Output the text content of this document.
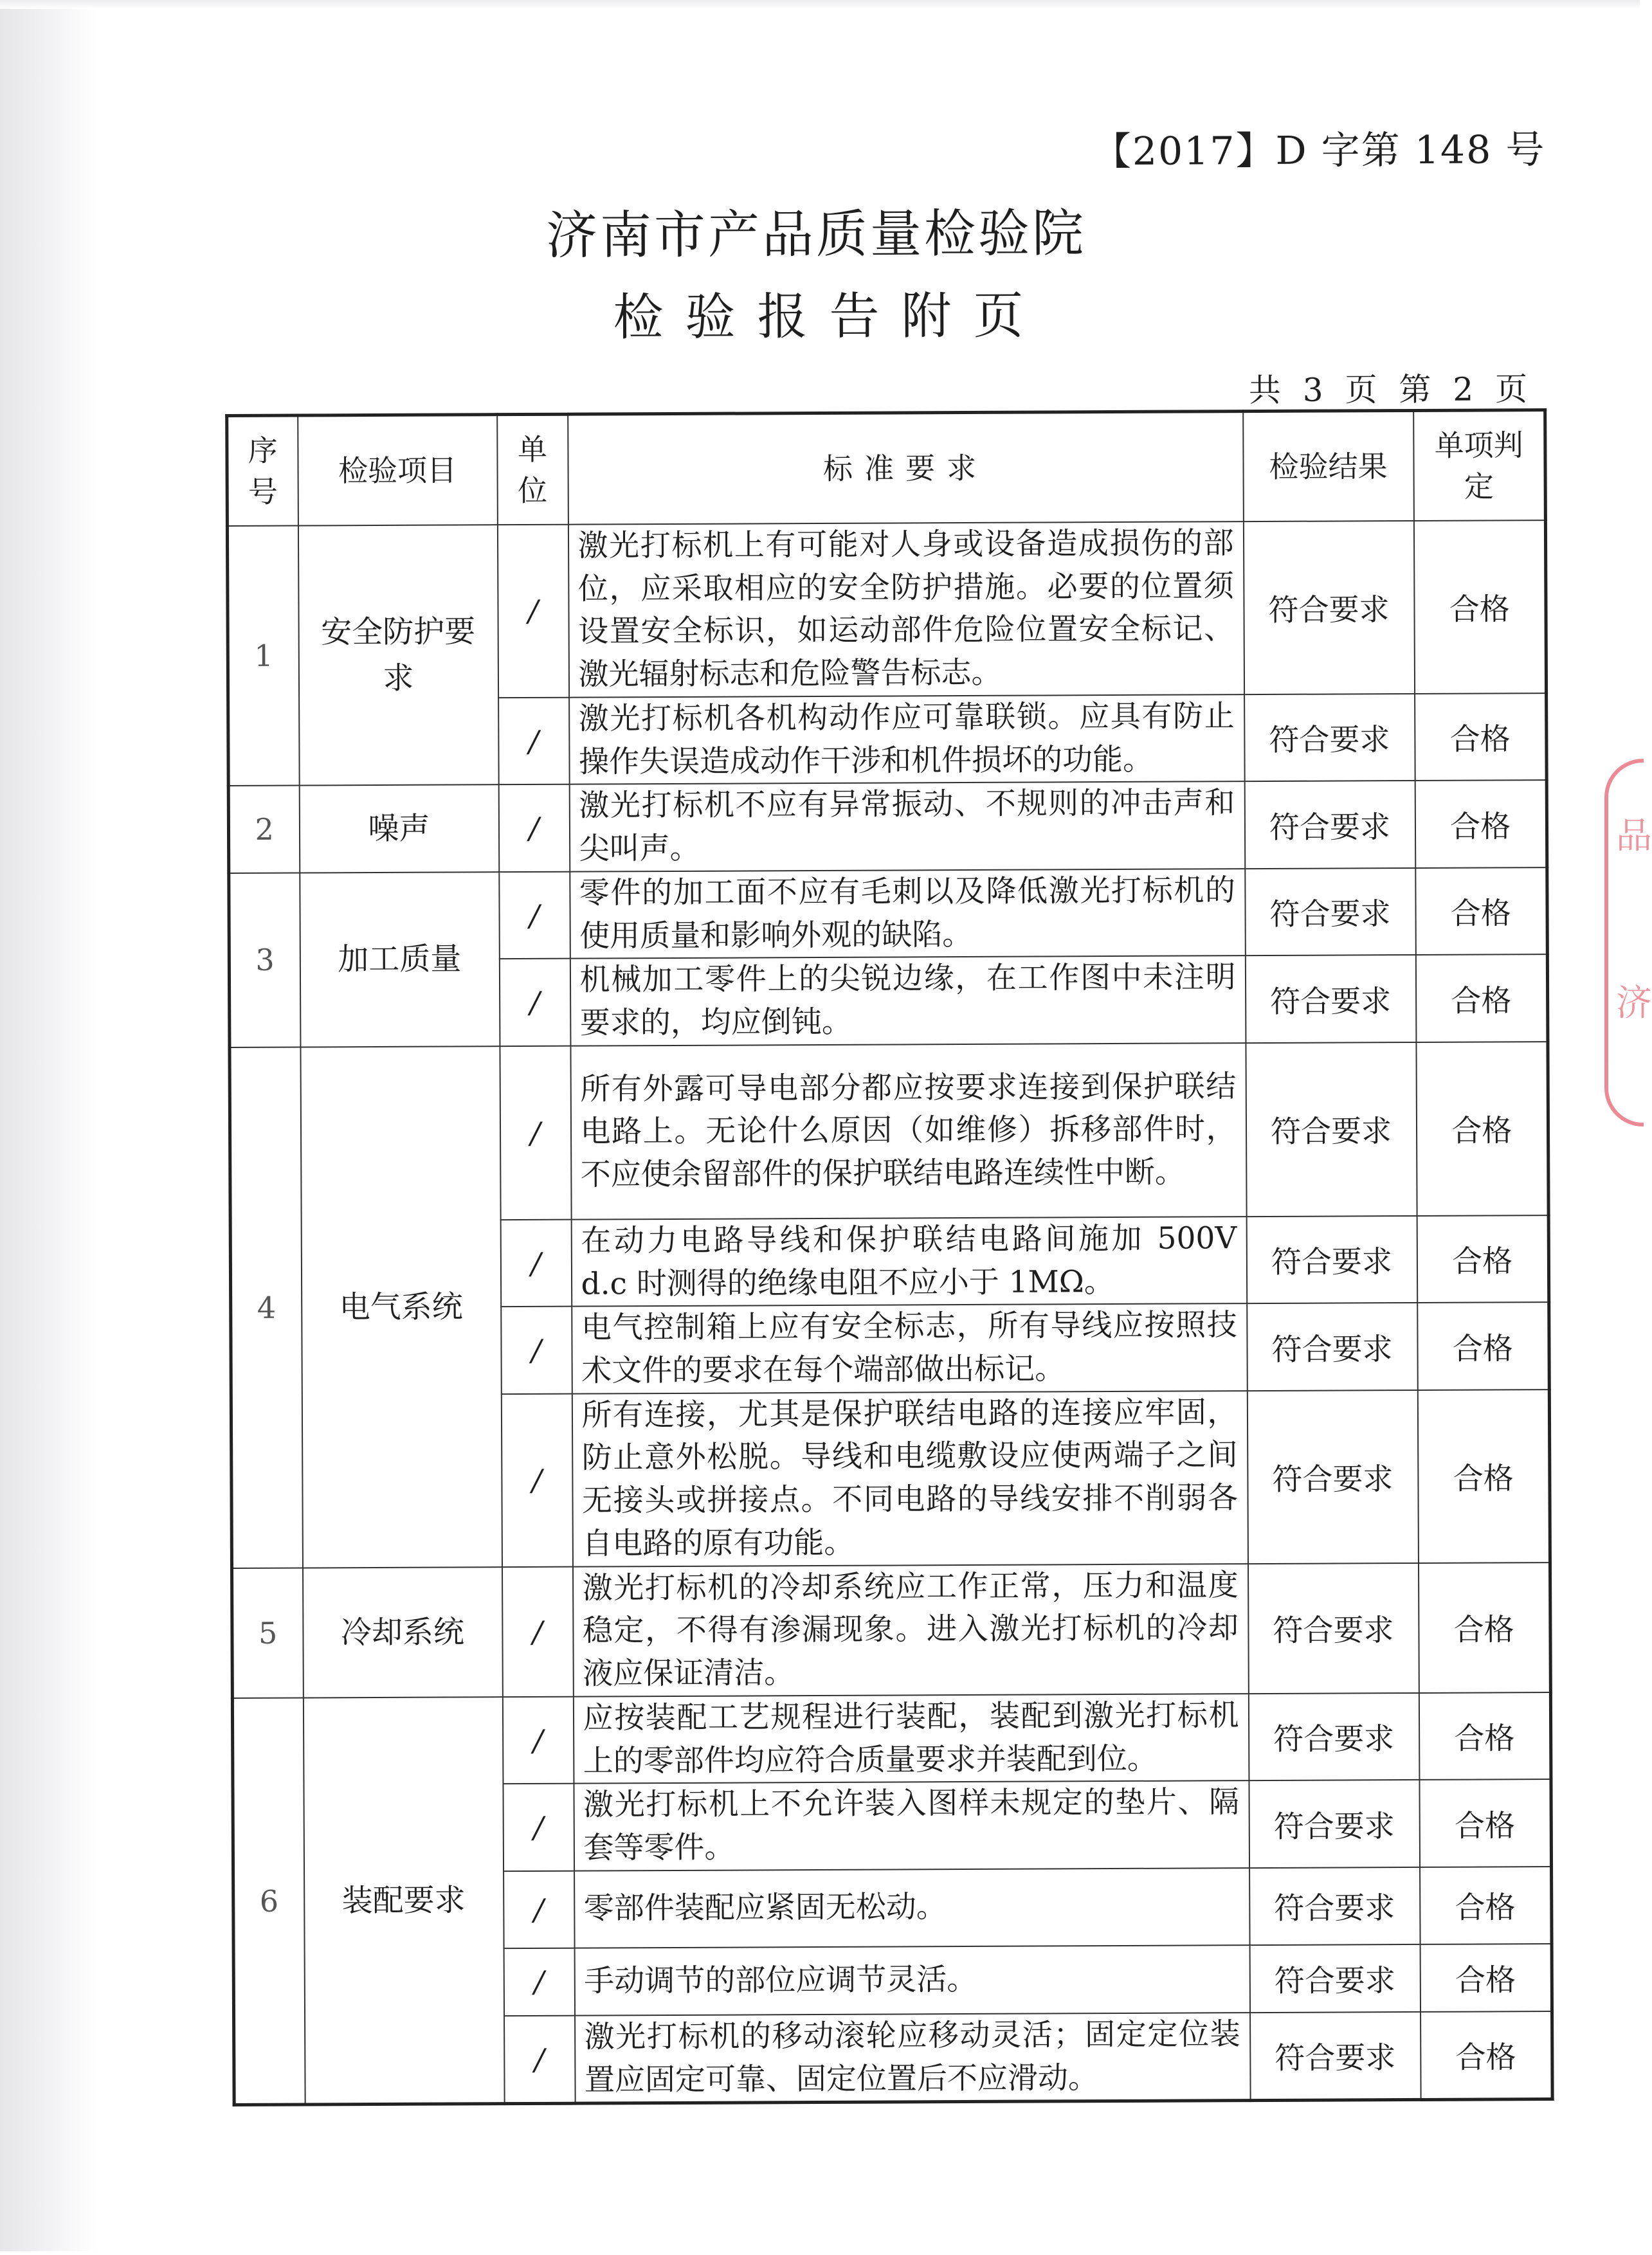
【2017】D 字第 148 号
济南市产品质量检验院
检验报告附页
共 3 页 第 2 页
序号	检验项目	单位	标准要求	检验结果	单项判定
1	安全防护要求	/	激光打标机上有可能对人身或设备造成损伤的部位，应采取相应的安全防护措施。必要的位置须设置安全标识，如运动部件危险位置安全标记、激光辐射标志和危险警告标志。	符合要求	合格
		/	激光打标机各机构动作应可靠联锁。应具有防止操作失误造成动作干涉和机件损坏的功能。	符合要求	合格
2	噪声	/	激光打标机不应有异常振动、不规则的冲击声和尖叫声。	符合要求	合格
3	加工质量	/	零件的加工面不应有毛刺以及降低激光打标机的使用质量和影响外观的缺陷。	符合要求	合格
		/	机械加工零件上的尖锐边缘，在工作图中未注明要求的，均应倒钝。	符合要求	合格
4	电气系统	/	所有外露可导电部分都应按要求连接到保护联结电路上。无论什么原因（如维修）拆移部件时，不应使余留部件的保护联结电路连续性中断。	符合要求	合格
		/	在动力电路导线和保护联结电路间施加 500V d.c 时测得的绝缘电阻不应小于 1MΩ。	符合要求	合格
		/	电气控制箱上应有安全标志，所有导线应按照技术文件的要求在每个端部做出标记。	符合要求	合格
		/	所有连接，尤其是保护联结电路的连接应牢固，防止意外松脱。导线和电缆敷设应使两端子之间无接头或拼接点。不同电路的导线安排不削弱各自电路的原有功能。	符合要求	合格
5	冷却系统	/	激光打标机的冷却系统应工作正常，压力和温度稳定，不得有渗漏现象。进入激光打标机的冷却液应保证清洁。	符合要求	合格
6	装配要求	/	应按装配工艺规程进行装配，装配到激光打标机上的零部件均应符合质量要求并装配到位。	符合要求	合格
		/	激光打标机上不允许装入图样未规定的垫片、隔套等零件。	符合要求	合格
		/	零部件装配应紧固无松动。	符合要求	合格
		/	手动调节的部位应调节灵活。	符合要求	合格
		/	激光打标机的移动滚轮应移动灵活；固定定位装置应固定可靠、固定位置后不应滑动。	符合要求	合格
品
济
